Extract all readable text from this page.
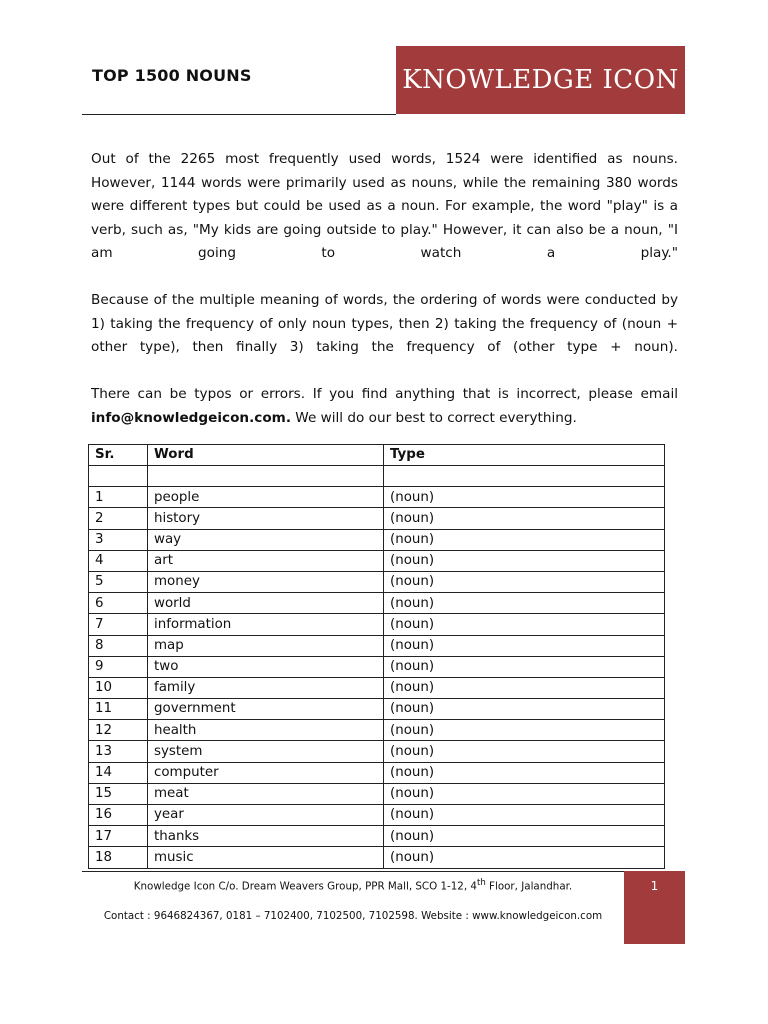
TOP 1500 NOUNS	KNOWLEDGE ICON

Out of the 2265 most frequently used words, 1524 were identified as nouns. However, 1144 words were primarily used as nouns, while the remaining 380 words were different types but could be used as a noun. For example, the word "play" is a verb, such as, "My kids are going outside to play." However, it can also be a noun, "I am going to watch a play."

Because of the multiple meaning of words, the ordering of words were conducted by 1) taking the frequency of only noun types, then 2) taking the frequency of (noun + other type), then finally 3) taking the frequency of (other type + noun).

There can be typos or errors. If you find anything that is incorrect, please email info@knowledgeicon.com. We will do our best to correct everything.

Sr.	Word	Type

1	people	(noun)
2	history	(noun)
3	way	(noun)
4	art	(noun)
5	money	(noun)
6	world	(noun)
7	information	(noun)
8	map	(noun)
9	two	(noun)
10	family	(noun)
11	government	(noun)
12	health	(noun)
13	system	(noun)
14	computer	(noun)
15	meat	(noun)
16	year	(noun)
17	thanks	(noun)
18	music	(noun)
Knowledge Icon C/o. Dream Weavers Group, PPR Mall, SCO 1-12, 4th Floor, Jalandhar.
Contact : 9646824367, 0181 – 7102400, 7102500, 7102598. Website : www.knowledgeicon.com
1
